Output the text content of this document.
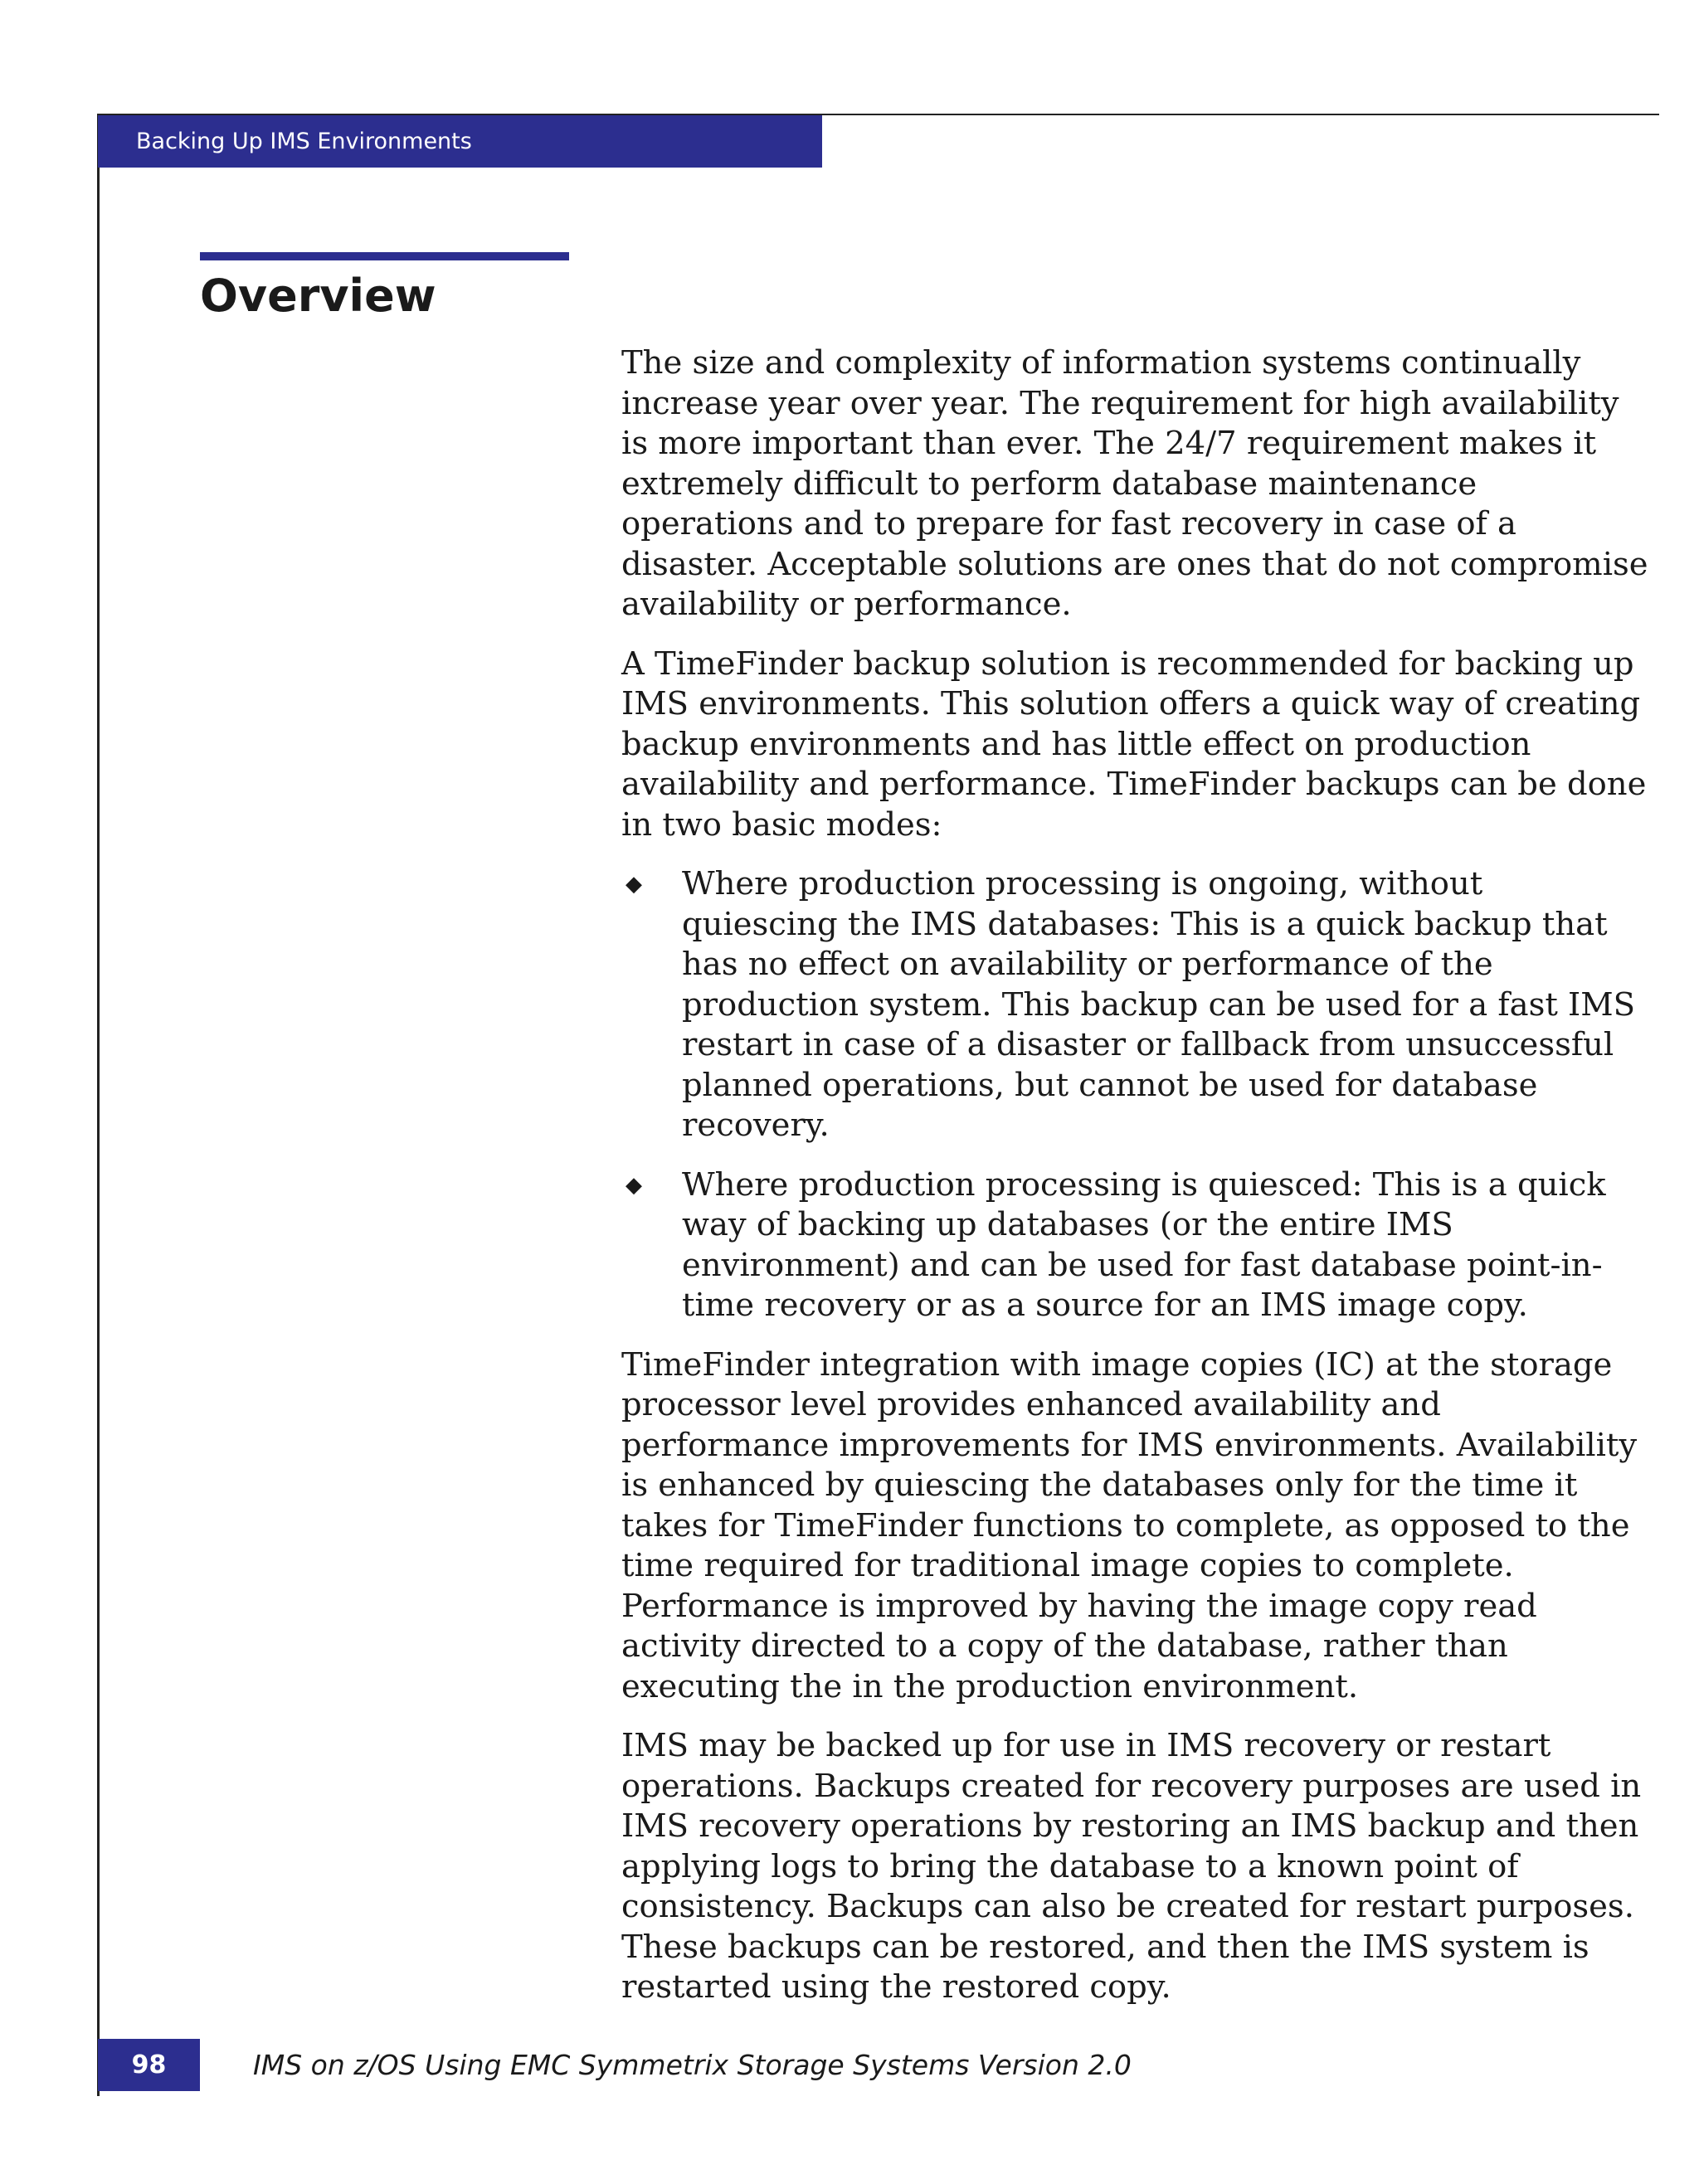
Backing Up IMS Environments
Overview

The size and complexity of information systems continually increase year over year. The requirement for high availability is more important than ever. The 24/7 requirement makes it extremely difficult to perform database maintenance operations and to prepare for fast recovery in case of a disaster. Acceptable solutions are ones that do not compromise availability or performance.

A TimeFinder backup solution is recommended for backing up IMS environments. This solution offers a quick way of creating backup environments and has little effect on production availability and performance. TimeFinder backups can be done in two basic modes:

◆ Where production processing is ongoing, without quiescing the IMS databases: This is a quick backup that has no effect on availability or performance of the production system. This backup can be used for a fast IMS restart in case of a disaster or fallback from unsuccessful planned operations, but cannot be used for database recovery.
◆ Where production processing is quiesced: This is a quick way of backing up databases (or the entire IMS environment) and can be used for fast database point-in-time recovery or as a source for an IMS image copy.

TimeFinder integration with image copies (IC) at the storage processor level provides enhanced availability and performance improvements for IMS environments. Availability is enhanced by quiescing the databases only for the time it takes for TimeFinder functions to complete, as opposed to the time required for traditional image copies to complete. Performance is improved by having the image copy read activity directed to a copy of the database, rather than executing the in the production environment.

IMS may be backed up for use in IMS recovery or restart operations. Backups created for recovery purposes are used in IMS recovery operations by restoring an IMS backup and then applying logs to bring the database to a known point of consistency. Backups can also be created for restart purposes. These backups can be restored, and then the IMS system is restarted using the restored copy.

98	IMS on z/OS Using EMC Symmetrix Storage Systems Version 2.0
